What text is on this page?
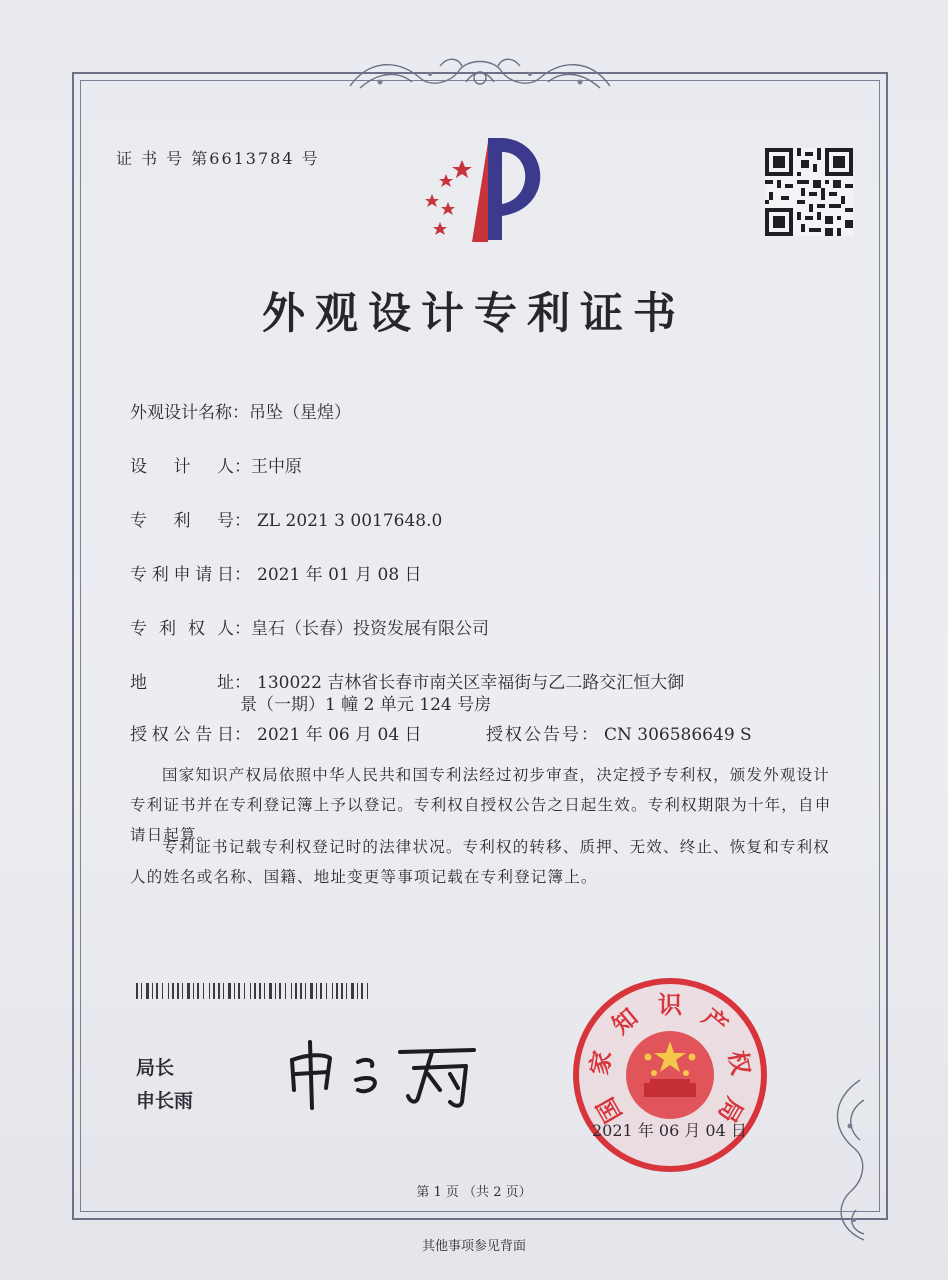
证 书 号 第6613784 号
外观设计专利证书
外观设计名称：吊坠（星煌）
设 计 人 ：王中原
专 利 号 ： ZL 2021 3 0017648.0
专 利 申 请 日 ： 2021 年 01 月 08 日
专 利 权 人 ：皇石（长春）投资发展有限公司
地	址 ： 130022 吉林省长春市南关区幸福街与乙二路交汇恒大御
景（一期）1 幢 2 单元 124 号房
授 权 公 告 日 ： 2021 年 06 月 04 日	授权公告号： CN 306586649 S
国家知识产权局依照中华人民共和国专利法经过初步审查，决定授予专利权，颁发外观设计专利证书并在专利登记簿上予以登记。专利权自授权公告之日起生效。专利权期限为十年，自申请日起算。
专利证书记载专利权登记时的法律状况。专利权的转移、质押、无效、终止、恢复和专利权人的姓名或名称、国籍、地址变更等事项记载在专利登记簿上。
局长
申长雨	国
家
知 识 产
权
局
2021 年 06 月 04 日
第 1 页 （共 2 页）
其他事项参见背面
